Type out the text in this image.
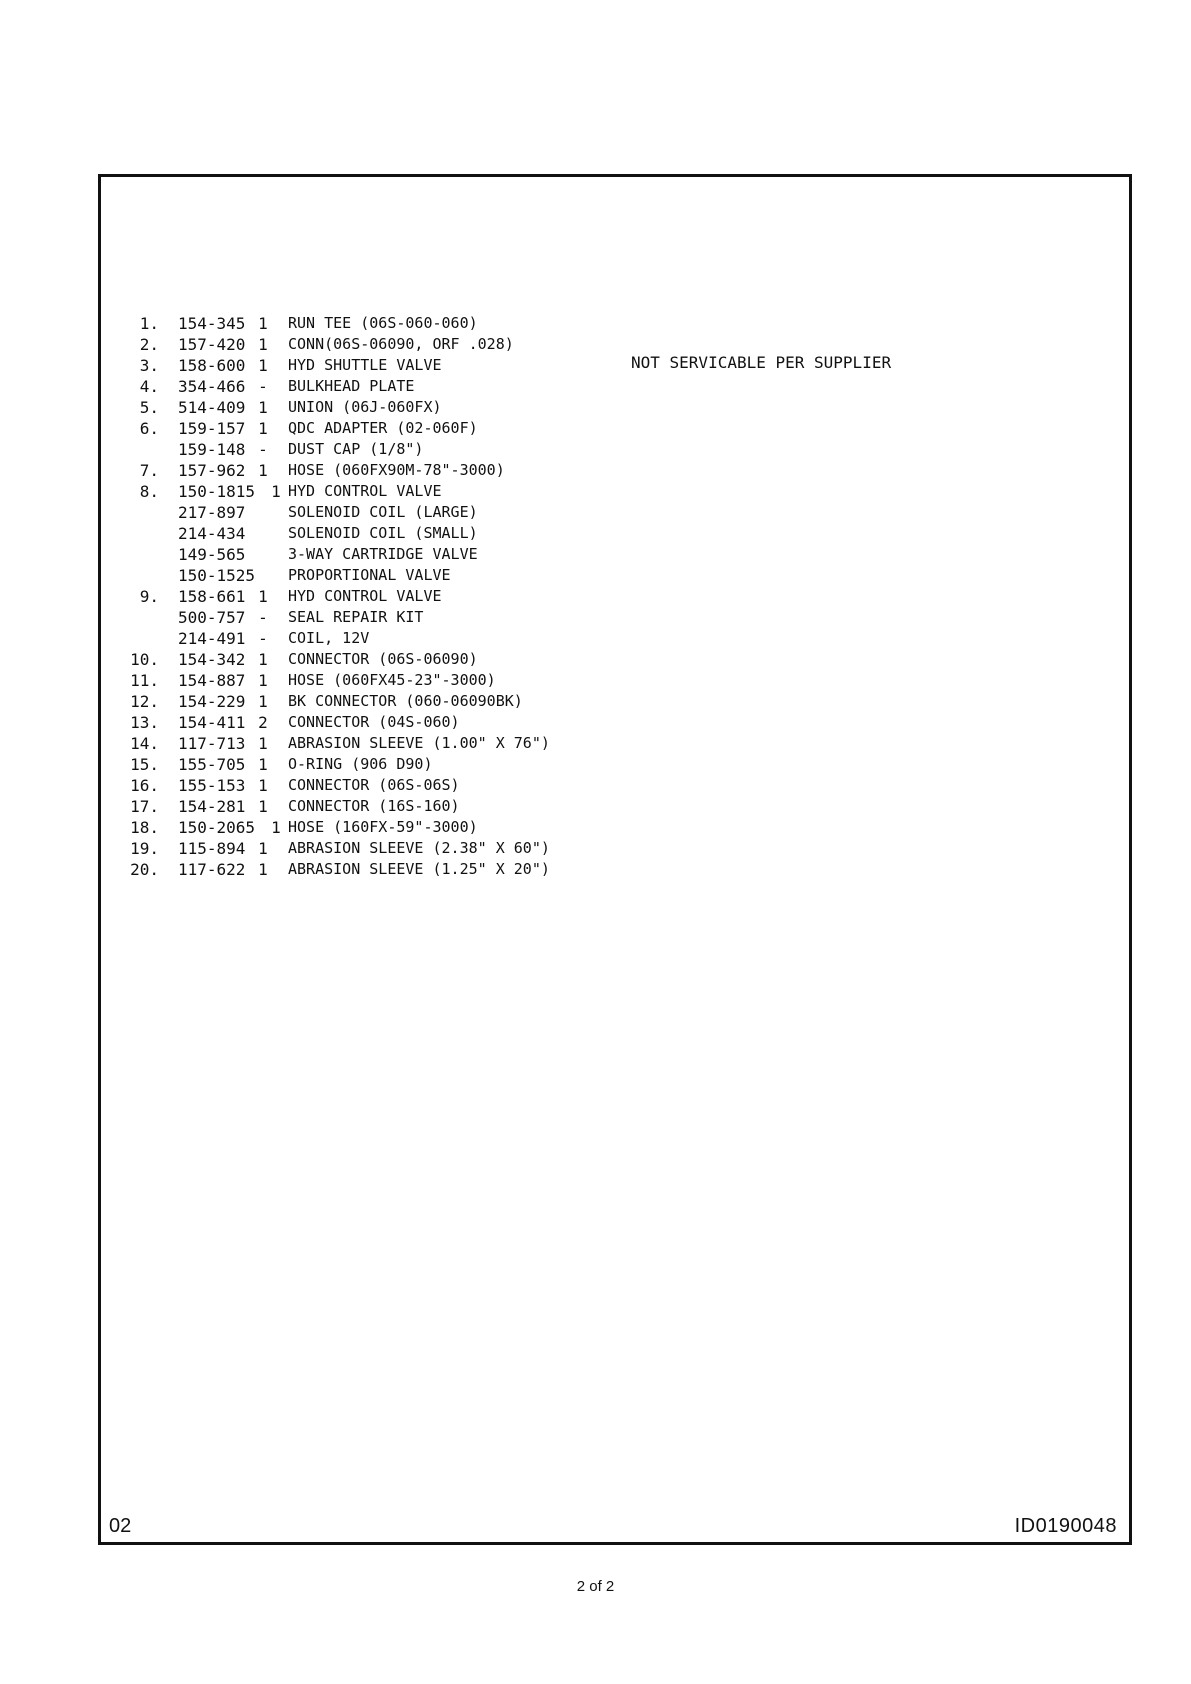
1. 154-345 1 RUN TEE (06S-060-060)
2. 157-420 1 CONN(06S-06090, ORF .028)
3. 158-600 1 HYD SHUTTLE VALVE
4. 354-466 - BULKHEAD PLATE
5. 514-409 1 UNION (06J-060FX)
6. 159-157 1 QDC ADAPTER (02-060F)
159-148 - DUST CAP (1/8")
7. 157-962 1 HOSE (060FX90M-78"-3000)
8. 150-1815 1 HYD CONTROL VALVE
217-897	SOLENOID COIL (LARGE)
214-434	SOLENOID COIL (SMALL)
149-565	3-WAY CARTRIDGE VALVE
150-1525 PROPORTIONAL VALVE
9. 158-661 1 HYD CONTROL VALVE
500-757 - SEAL REPAIR KIT
214-491 - COIL, 12V
10. 154-342 1 CONNECTOR (06S-06090)
11. 154-887 1 HOSE (060FX45-23"-3000)
12. 154-229 1 BK CONNECTOR (060-06090BK)
13. 154-411 2 CONNECTOR (04S-060)
14. 117-713 1 ABRASION SLEEVE (1.00" X 76")
15. 155-705 1 O-RING (906 D90)
16. 155-153 1 CONNECTOR (06S-06S)
17. 154-281 1 CONNECTOR (16S-160)
18. 150-2065 1 HOSE (160FX-59"-3000)
19. 115-894 1 ABRASION SLEEVE (2.38" X 60")
20. 117-622 1 ABRASION SLEEVE (1.25" X 20")
NOT SERVICABLE PER SUPPLIER
02	ID0190048
2 of 2
